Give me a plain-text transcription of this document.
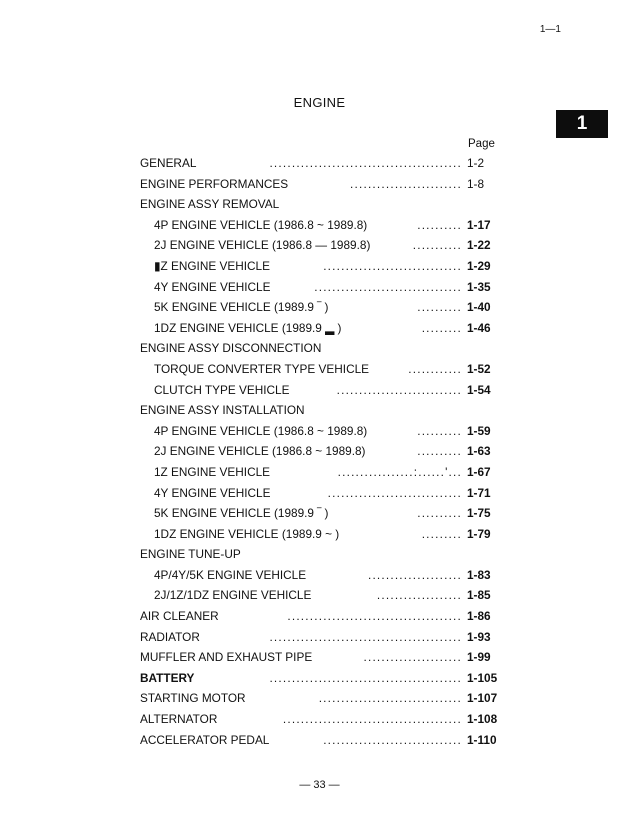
1—1
1
ENGINE
Page
GENERAL	........................................... 1-2
ENGINE PERFORMANCES	......................... 1-8
ENGINE ASSY REMOVAL
4P ENGINE VEHICLE (1986.8 ~ 1989.8)	.......... 1-17
2J ENGINE VEHICLE (1986.8 — 1989.8)	........... 1-22
▮Z ENGINE VEHICLE	............................... 1-29
4Y ENGINE VEHICLE	................................. 1-35
5K ENGINE VEHICLE (1989.9 ‾ )	.......... 1-40
1DZ ENGINE VEHICLE (1989.9 ▂ )	......... 1-46
ENGINE ASSY DISCONNECTION
TORQUE CONVERTER TYPE VEHICLE	............ 1-52
CLUTCH TYPE VEHICLE	............................ 1-54
ENGINE ASSY INSTALLATION
4P ENGINE VEHICLE (1986.8 ~ 1989.8)	.......... 1-59
2J ENGINE VEHICLE (1986.8 ~ 1989.8)	.......... 1-63
1Z ENGINE VEHICLE	.................:......'... 1-67
4Y ENGINE VEHICLE	.............................. 1-71
5K ENGINE VEHICLE (1989.9 ‾ )	.......... 1-75
1DZ ENGINE VEHICLE (1989.9 ~ )	......... 1-79
ENGINE TUNE-UP
4P/4Y/5K ENGINE VEHICLE	..................... 1-83
2J/1Z/1DZ ENGINE VEHICLE	................... 1-85
AIR CLEANER	....................................... 1-86
RADIATOR	........................................... 1-93
MUFFLER AND EXHAUST PIPE	...................... 1-99
BATTERY	........................................... 1-105
STARTING MOTOR	................................ 1-107
ALTERNATOR	........................................ 1-108
ACCELERATOR PEDAL	............................... 1-110
— 33 —
